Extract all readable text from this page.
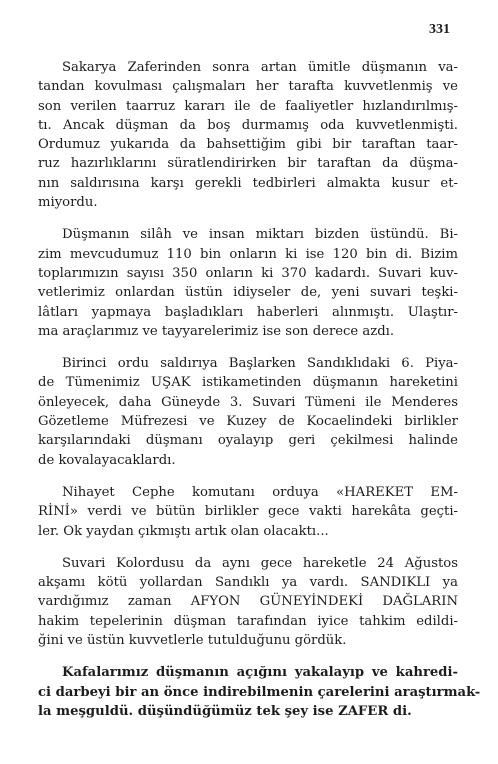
331
Sakarya Zaferinden sonra artan ümitle düşmanın va-
tandan kovulması çalışmaları her tarafta kuvvetlenmiş ve
son verilen taarruz kararı ile de faaliyetler hızlandırılmış-
tı. Ancak düşman da boş durmamış oda kuvvetlenmişti.
Ordumuz yukarıda da bahsettiğim gibi bir taraftan taar-
ruz hazırlıklarını süratlendirirken bir taraftan da düşma-
nın saldırısına karşı gerekli tedbirleri almakta kusur et-
miyordu.
Düşmanın silâh ve insan miktarı bizden üstündü. Bi-
zim mevcudumuz 110 bin onların ki ise 120 bin di. Bizim
toplarımızın sayısı 350 onların ki 370 kadardı. Suvari kuv-
vetlerimiz onlardan üstün idiyseler de, yeni suvari teşki-
lâtları yapmaya başladıkları haberleri alınmıştı. Ulaştır-
ma araçlarımız ve tayyarelerimiz ise son derece azdı.
Birinci ordu saldırıya Başlarken Sandıklıdaki 6. Piya-
de Tümenimiz UŞAK istikametinden düşmanın hareketini
önleyecek, daha Güneyde 3. Suvari Tümeni ile Menderes
Gözetleme Müfrezesi ve Kuzey de Kocaelindeki birlikler
karşılarındaki düşmanı oyalayıp geri çekilmesi halinde
de kovalayacaklardı.
Nihayet Cephe komutanı orduya «HAREKET EM-
RİNİ» verdi ve bütün birlikler gece vakti harekâta geçti-
ler. Ok yaydan çıkmıştı artık olan olacaktı...
Suvari Kolordusu da aynı gece hareketle 24 Ağustos
akşamı kötü yollardan Sandıklı ya vardı. SANDIKLI ya
vardığımız zaman AFYON GÜNEYİNDEKİ DAĞLARIN
hakim tepelerinin düşman tarafından iyice tahkim edildi-
ğini ve üstün kuvvetlerle tutulduğunu gördük.
Kafalarımız düşmanın açığını yakalayıp ve kahredi-
ci darbeyi bir an önce indirebilmenin çarelerini araştırmak-
la meşguldü. düşündüğümüz tek şey ise ZAFER di.
